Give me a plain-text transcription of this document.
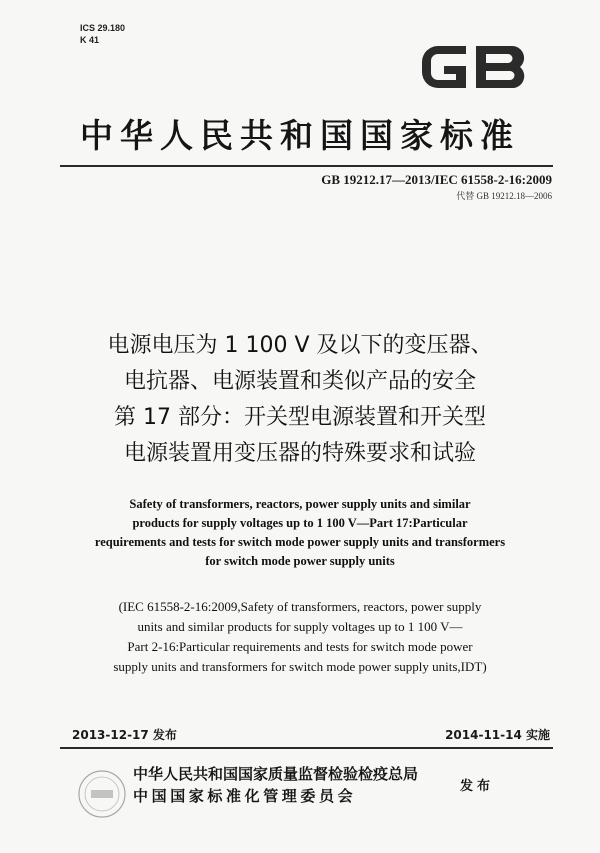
ICS 29.180
K 41
中华人民共和国国家标准
GB 19212.17—2013/IEC 61558-2-16:2009
代替 GB 19212.18—2006
电源电压为 1 100 V 及以下的变压器、
电抗器、电源装置和类似产品的安全
第 17 部分：开关型电源装置和开关型
电源装置用变压器的特殊要求和试验
Safety of transformers, reactors, power supply units and similar
products for supply voltages up to 1 100 V—Part 17:Particular
requirements and tests for switch mode power supply units and transformers
for switch mode power supply units
(IEC 61558-2-16:2009,Safety of transformers, reactors, power supply
units and similar products for supply voltages up to 1 100 V—
Part 2-16:Particular requirements and tests for switch mode power
supply units and transformers for switch mode power supply units,IDT)
2013-12-17 发布	2014-11-14 实施
中华人民共和国国家质量监督检验检疫总局
中国国家标准化管理委员会
发布
